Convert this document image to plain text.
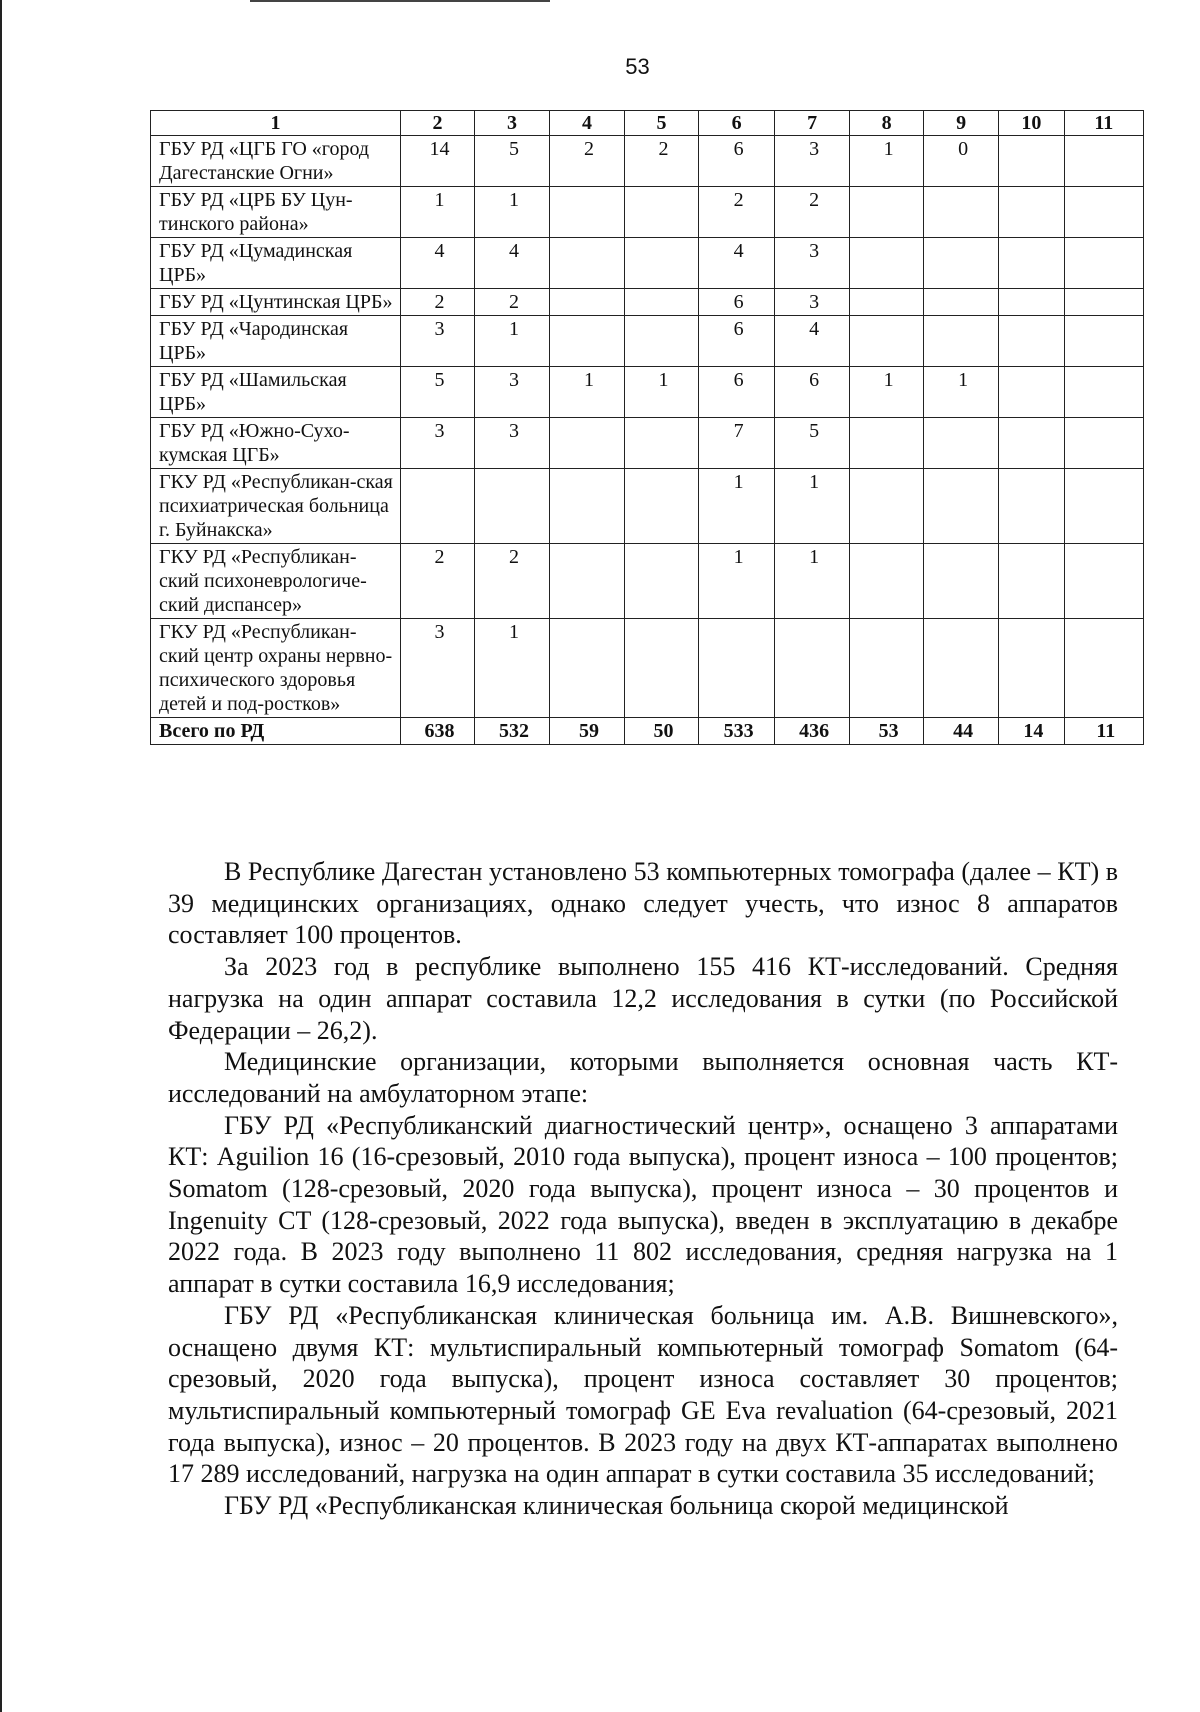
53
1	2	3	4	5	6	7	8	9	10	11
ГБУ РД «ЦГБ ГО «город Дагестанские Огни»	14	5	2	2	6	3	1	0		
ГБУ РД «ЦРБ БУ Цун-тинского района»	1	1			2	2				
ГБУ РД «Цумадинская ЦРБ»	4	4			4	3				
ГБУ РД «Цунтинская ЦРБ»	2	2			6	3				
ГБУ РД «Чародинская ЦРБ»	3	1			6	4				
ГБУ РД «Шамильская ЦРБ»	5	3	1	1	6	6	1	1		
ГБУ РД «Южно-Сухо-кумская ЦГБ»	3	3			7	5				
ГКУ РД «Республикан-ская психиатрическая больница г. Буйнакска»					1	1				
ГКУ РД «Республикан-ский психоневрологиче-ский диспансер»	2	2			1	1				
ГКУ РД «Республикан-ский центр охраны нервно-психического здоровья детей и под-ростков»	3	1								
Всего по РД	638	532	59	50	533	436	53	44	14	11

В Республике Дагестан установлено 53 компьютерных томографа (далее – КТ) в 39 медицинских организациях, однако следует учесть, что износ 8 аппаратов составляет 100 процентов.

За 2023 год в республике выполнено 155 416 КТ-исследований. Средняя нагрузка на один аппарат составила 12,2 исследования в сутки (по Российской Федерации – 26,2).

Медицинские организации, которыми выполняется основная часть КТ-исследований на амбулаторном этапе:

ГБУ РД «Республиканский диагностический центр», оснащено 3 аппаратами КТ: Aguilion 16 (16-срезовый, 2010 года выпуска), процент износа – 100 процентов; Somatom (128-срезовый, 2020 года выпуска), процент износа – 30 процентов и Ingenuity CT (128-срезовый, 2022 года выпуска), введен в эксплуатацию в декабре 2022 года. В 2023 году выполнено 11 802 исследования, средняя нагрузка на 1 аппарат в сутки составила 16,9 исследования;

ГБУ РД «Республиканская клиническая больница им. А.В. Вишневского», оснащено двумя КТ: мультиспиральный компьютерный томограф Somatom (64-срезовый, 2020 года выпуска), процент износа составляет 30 процентов; мультиспиральный компьютерный томограф GE Eva revaluation (64-срезовый, 2021 года выпуска), износ – 20 процентов. В 2023 году на двух КТ-аппаратах выполнено 17 289 исследований, нагрузка на один аппарат в сутки составила 35 исследований;

ГБУ РД «Республиканская клиническая больница скорой медицинской
